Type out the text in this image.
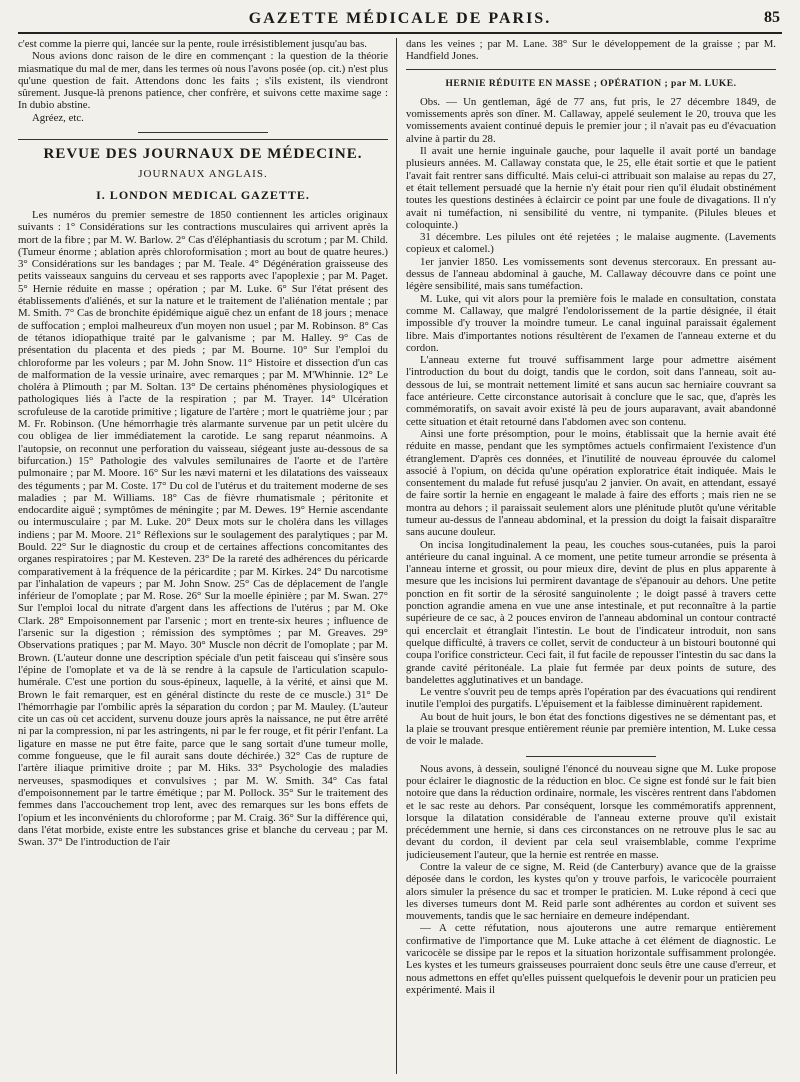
GAZETTE MÉDICALE DE PARIS.	85

c'est comme la pierre qui, lancée sur la pente, roule irrésistiblement jusqu'au bas.

Nous avions donc raison de le dire en commençant : la question de la théorie miasmatique du mal de mer, dans les termes où nous l'avons posée (op. cit.) n'est plus qu'une question de fait. Attendons donc les faits ; s'ils existent, ils viendront sûrement. Jusque-là prenons patience, cher confrère, et suivons cette maxime sage : In dubio abstine.

Agréez, etc.

REVUE DES JOURNAUX DE MÉDECINE.
JOURNAUX ANGLAIS.
I. LONDON MEDICAL GAZETTE.

Les numéros du premier semestre de 1850 contiennent les articles originaux suivants : 1° Considérations sur les contractions musculaires qui arrivent après la mort de la fibre ; par M. W. Barlow. 2° Cas d'éléphantiasis du scrotum ; par M. Child. (Tumeur énorme ; ablation après chloroformisation ; mort au bout de quatre heures.) 3° Considérations sur les bandages ; par M. Teale. 4° Dégénération graisseuse des petits vaisseaux sanguins du cerveau et ses rapports avec l'apoplexie ; par M. Paget. 5° Hernie réduite en masse ; opération ; par M. Luke. 6° Sur l'état présent des établissements d'aliénés, et sur la nature et le traitement de l'aliénation mentale ; par M. Smith. 7° Cas de bronchite épidémique aiguë chez un enfant de 18 jours ; menace de suffocation ; emploi malheureux d'un moyen non usuel ; par M. Robinson. 8° Cas de tétanos idiopathique traité par le galvanisme ; par M. Halley. 9° Cas de présentation du placenta et des pieds ; par M. Bourne. 10° Sur l'emploi du chloroforme par les voleurs ; par M. John Snow. 11° Histoire et dissection d'un cas de malformation de la vessie urinaire, avec remarques ; par M. M'Whinnie. 12° Le choléra à Plimouth ; par M. Soltan. 13° De certains phénomènes physiologiques et pathologiques liés à l'acte de la respiration ; par M. Trayer. 14° Ulcération scrofuleuse de la carotide primitive ; ligature de l'artère ; mort le quatrième jour ; par M. Fr. Robinson. (Une hémorrhagie très alarmante survenue par un petit ulcère du cou obligea de lier immédiatement la carotide. Le sang reparut néanmoins. A l'autopsie, on reconnut une perforation du vaisseau, siégeant juste au-dessous de sa bifurcation.) 15° Pathologie des valvules semilunaires de l'aorte et de l'artère pulmonaire ; par M. Moore. 16° Sur les nævi materni et les dilatations des vaisseaux des téguments ; par M. Coste. 17° Du col de l'utérus et du traitement moderne de ses maladies ; par M. Williams. 18° Cas de fièvre rhumatismale ; péritonite et endocardite aiguë ; symptômes de méningite ; par M. Dewes. 19° Hernie ascendante ou intermusculaire ; par M. Luke. 20° Deux mots sur le choléra dans les villages indiens ; par M. Moore. 21° Réflexions sur le soulagement des paralytiques ; par M. Bould. 22° Sur le diagnostic du croup et de certaines affections concomitantes des organes respiratoires ; par M. Kesteven. 23° De la rareté des adhérences du péricarde comparativement à la fréquence de la péricardite ; par M. Kirkes. 24° Du narcotisme par l'inhalation de vapeurs ; par M. John Snow. 25° Cas de déplacement de l'angle inférieur de l'omoplate ; par M. Rose. 26° Sur la moelle épinière ; par M. Swan. 27° Sur l'emploi local du nitrate d'argent dans les affections de l'utérus ; par M. Oke Clark. 28° Empoisonnement par l'arsenic ; mort en trente-six heures ; influence de l'arsenic sur la digestion ; rémission des symptômes ; par M. Greaves. 29° Observations pratiques ; par M. Mayo. 30° Muscle non décrit de l'omoplate ; par M. Brown. (L'auteur donne une description spéciale d'un petit faisceau qui s'insère sous l'épine de l'omoplate et va de là se rendre à la capsule de l'articulation scapulo-humérale. C'est une portion du sous-épineux, laquelle, à la vérité, et ainsi que M. Brown le fait remarquer, est en général distincte du reste de ce muscle.) 31° De l'hémorrhagie par l'ombilic après la séparation du cordon ; par M. Mauley. (L'auteur cite un cas où cet accident, survenu douze jours après la naissance, ne put être arrêté ni par la compression, ni par les astringents, ni par le fer rouge, et fit périr l'enfant. La ligature en masse ne put être faite, parce que le sang sortait d'une tumeur molle, comme fongueuse, que le fil aurait sans doute déchirée.) 32° Cas de rupture de l'artère iliaque primitive droite ; par M. Hiks. 33° Psychologie des maladies nerveuses, spasmodiques et convulsives ; par M. W. Smith. 34° Cas fatal d'empoisonnement par le tartre émétique ; par M. Pollock. 35° Sur le traitement des femmes dans l'accouchement trop lent, avec des remarques sur les bons effets de l'opium et les inconvénients du chloroforme ; par M. Craig. 36° Sur la différence qui, dans l'état morbide, existe entre les substances grise et blanche du cerveau ; par M. Swan. 37° De l'introduction de l'air

dans les veines ; par M. Lane. 38° Sur le développement de la graisse ; par M. Handfield Jones.

HERNIE RÉDUITE EN MASSE ; OPÉRATION ; par M. LUKE.

Obs. — Un gentleman, âgé de 77 ans, fut pris, le 27 décembre 1849, de vomissements après son dîner. M. Callaway, appelé seulement le 20, trouva que les vomissements avaient continué depuis le premier jour ; il n'avait pas eu d'évacuation alvine à partir du 28.

Il avait une hernie inguinale gauche, pour laquelle il avait porté un bandage plusieurs années. M. Callaway constata que, le 25, elle était sortie et que le patient l'avait fait rentrer sans difficulté. Mais celui-ci attribuait son malaise au repas du 27, et était tellement persuadé que la hernie n'y était pour rien qu'il éludait obstinément toutes les questions destinées à éclaircir ce point par une foule de divagations. Il n'y avait ni tuméfaction, ni sensibilité du ventre, ni tympanite. (Pilules bleues et coloquinte.)

31 décembre. Les pilules ont été rejetées ; le malaise augmente. (Lavements copieux et calomel.)

1er janvier 1850. Les vomissements sont devenus stercoraux. En pressant au-dessus de l'anneau abdominal à gauche, M. Callaway découvre dans ce point une légère sensibilité, mais sans tuméfaction.

M. Luke, qui vit alors pour la première fois le malade en consultation, constata comme M. Callaway, que malgré l'endolorissement de la partie désignée, il était impossible d'y trouver la moindre tumeur. Le canal inguinal paraissait également libre. Mais d'importantes notions résultèrent de l'examen de l'anneau externe et du cordon.

L'anneau externe fut trouvé suffisamment large pour admettre aisément l'introduction du bout du doigt, tandis que le cordon, soit dans l'anneau, soit au-dessous de lui, se montrait nettement limité et sans aucun sac herniaire couvrant sa face antérieure. Cette circonstance autorisait à conclure que le sac, que, d'après les commémoratifs, on savait avoir existé là peu de jours auparavant, avait abandonné cette situation et était retourné dans l'abdomen avec son contenu.

Ainsi une forte présomption, pour le moins, établissait que la hernie avait été réduite en masse, pendant que les symptômes actuels confirmaient l'existence d'un étranglement. D'après ces données, et l'inutilité de nouveau éprouvée du calomel associé à l'opium, on décida qu'une opération exploratrice était indiquée. Mais le consentement du malade fut refusé jusqu'au 2 janvier. On avait, en attendant, essayé de faire sortir la hernie en engageant le malade à faire des efforts ; mais rien ne se montra au dehors ; il paraissait seulement alors une plénitude plutôt qu'une véritable tumeur au-dessus de l'anneau abdominal, et la pression du doigt la faisait disparaître sans aucune douleur.

On incisa longitudinalement la peau, les couches sous-cutanées, puis la paroi antérieure du canal inguinal. A ce moment, une petite tumeur arrondie se présenta à l'anneau interne et grossit, ou pour mieux dire, devint de plus en plus apparente à mesure que les incisions lui permirent davantage de s'épanouir au dehors. Une petite ponction en fit sortir de la sérosité sanguinolente ; le doigt passé à travers cette ponction agrandie amena en vue une anse intestinale, et put reconnaître à la partie supérieure de ce sac, à 2 pouces environ de l'anneau abdominal un contour contracté qui encerclait et étranglait l'intestin. Le bout de l'indicateur introduit, non sans quelque difficulté, à travers ce collet, servit de conducteur à un bistouri boutonné qui coupa l'orifice constricteur. Ceci fait, il fut facile de repousser l'intestin du sac dans la grande cavité péritonéale. La plaie fut fermée par deux points de suture, des bandelettes agglutinatives et un bandage.

Le ventre s'ouvrit peu de temps après l'opération par des évacuations qui rendirent inutile l'emploi des purgatifs. L'épuisement et la faiblesse diminuèrent rapidement.

Au bout de huit jours, le bon état des fonctions digestives ne se démentant pas, et la plaie se trouvant presque entièrement réunie par première intention, M. Luke cessa de voir le malade.

Nous avons, à dessein, souligné l'énoncé du nouveau signe que M. Luke propose pour éclairer le diagnostic de la réduction en bloc. Ce signe est fondé sur le fait bien notoire que dans la réduction ordinaire, normale, les viscères rentrent dans l'abdomen et le sac reste au dehors. Par conséquent, lorsque les commémoratifs apprennent, lorsque la dilatation considérable de l'anneau externe prouve qu'il existait précédemment une hernie, si dans ces circonstances on ne retrouve plus le sac au devant du cordon, il devient par cela seul vraisemblable, comme l'exprime judicieusement l'auteur, que la hernie est rentrée en masse.

Contre la valeur de ce signe, M. Reid (de Canterbury) avance que de la graisse déposée dans le cordon, les kystes qu'on y trouve parfois, le varicocèle pourraient alors simuler la présence du sac et tromper le praticien. M. Luke répond à ceci que les diverses tumeurs dont M. Reid parle sont adhérentes au cordon et suivent ses mouvements, tandis que le sac herniaire en demeure indépendant.

— A cette réfutation, nous ajouterons une autre remarque entièrement confirmative de l'importance que M. Luke attache à cet élément de diagnostic. Le varicocèle se dissipe par le repos et la situation horizontale suffisamment prolongée. Les kystes et les tumeurs graisseuses pourraient donc seuls être une cause d'erreur, et nous admettons en effet qu'elles puissent quelquefois le devenir pour un praticien peu expérimenté. Mais il
